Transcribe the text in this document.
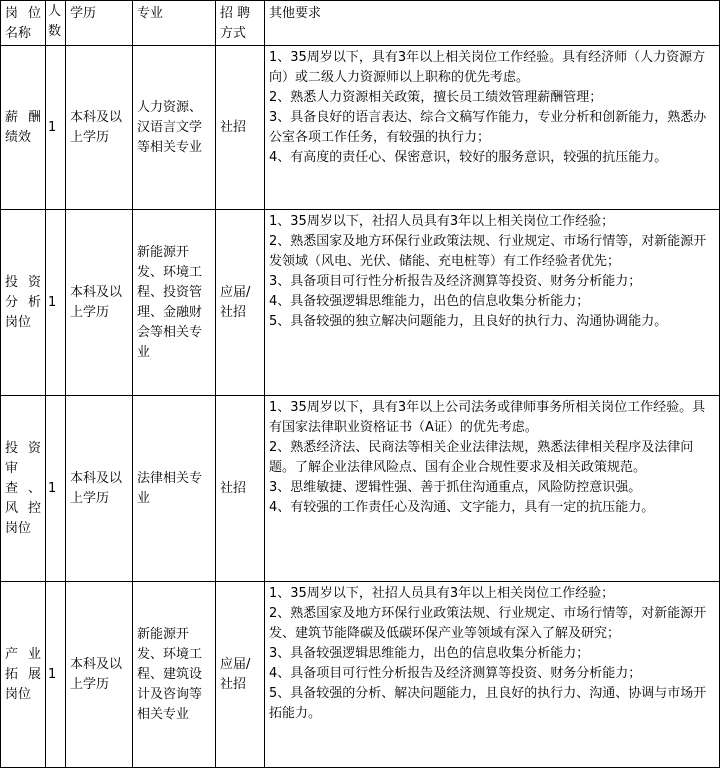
岗位名称	人数	学历	专业	招 聘方式	其他要求
薪酬绩效	1	本科及以上学历	人力资源、汉语言文学等相关专业	社招	1、35周岁以下，具有3年以上相关岗位工作经验。具有经济师（人力资源方向）或二级人力资源师以上职称的优先考虑。

2、熟悉人力资源相关政策，擅长员工绩效管理薪酬管理；

3、具备良好的语言表达、综合文稿写作能力，专业分析和创新能力，熟悉办公室各项工作任务，有较强的执行力；

4、有高度的责任心、保密意识，较好的服务意识，较强的抗压能力。

投资分析岗位	1	本科及以上学历	新能源开发、环境工程、投资管理、金融财会等相关专业	应届/社招	1、35周岁以下，社招人员具有3年以上相关岗位工作经验；

2、熟悉国家及地方环保行业政策法规、行业规定、市场行情等，对新能源开发领域（风电、光伏、储能、充电桩等）有工作经验者优先；

3、具备项目可行性分析报告及经济测算等投资、财务分析能力；

4、具备较强逻辑思维能力，出色的信息收集分析能力；

5、具备较强的独立解决问题能力，且良好的执行力、沟通协调能力。

投资审查、风控岗位	1	本科及以上学历	法律相关专业	社招	1、35周岁以下，具有3年以上公司法务或律师事务所相关岗位工作经验。具有国家法律职业资格证书（A证）的优先考虑。

2、熟悉经济法、民商法等相关企业法律法规，熟悉法律相关程序及法律问题。了解企业法律风险点、国有企业合规性要求及相关政策规范。

3、思维敏捷、逻辑性强、善于抓住沟通重点，风险防控意识强。

4、有较强的工作责任心及沟通、文字能力，具有一定的抗压能力。

产业拓展岗位	1	本科及以上学历	新能源开发、环境工程、建筑设计及咨询等相关专业	应届/社招	1、35周岁以下，社招人员具有3年以上相关岗位工作经验；

2、熟悉国家及地方环保行业政策法规、行业规定、市场行情等，对新能源开发、建筑节能降碳及低碳环保产业等领域有深入了解及研究；

3、具备较强逻辑思维能力，出色的信息收集分析能力；

4、具备项目可行性分析报告及经济测算等投资、财务分析能力；

5、具备较强的分析、解决问题能力，且良好的执行力、沟通、协调与市场开拓能力。
